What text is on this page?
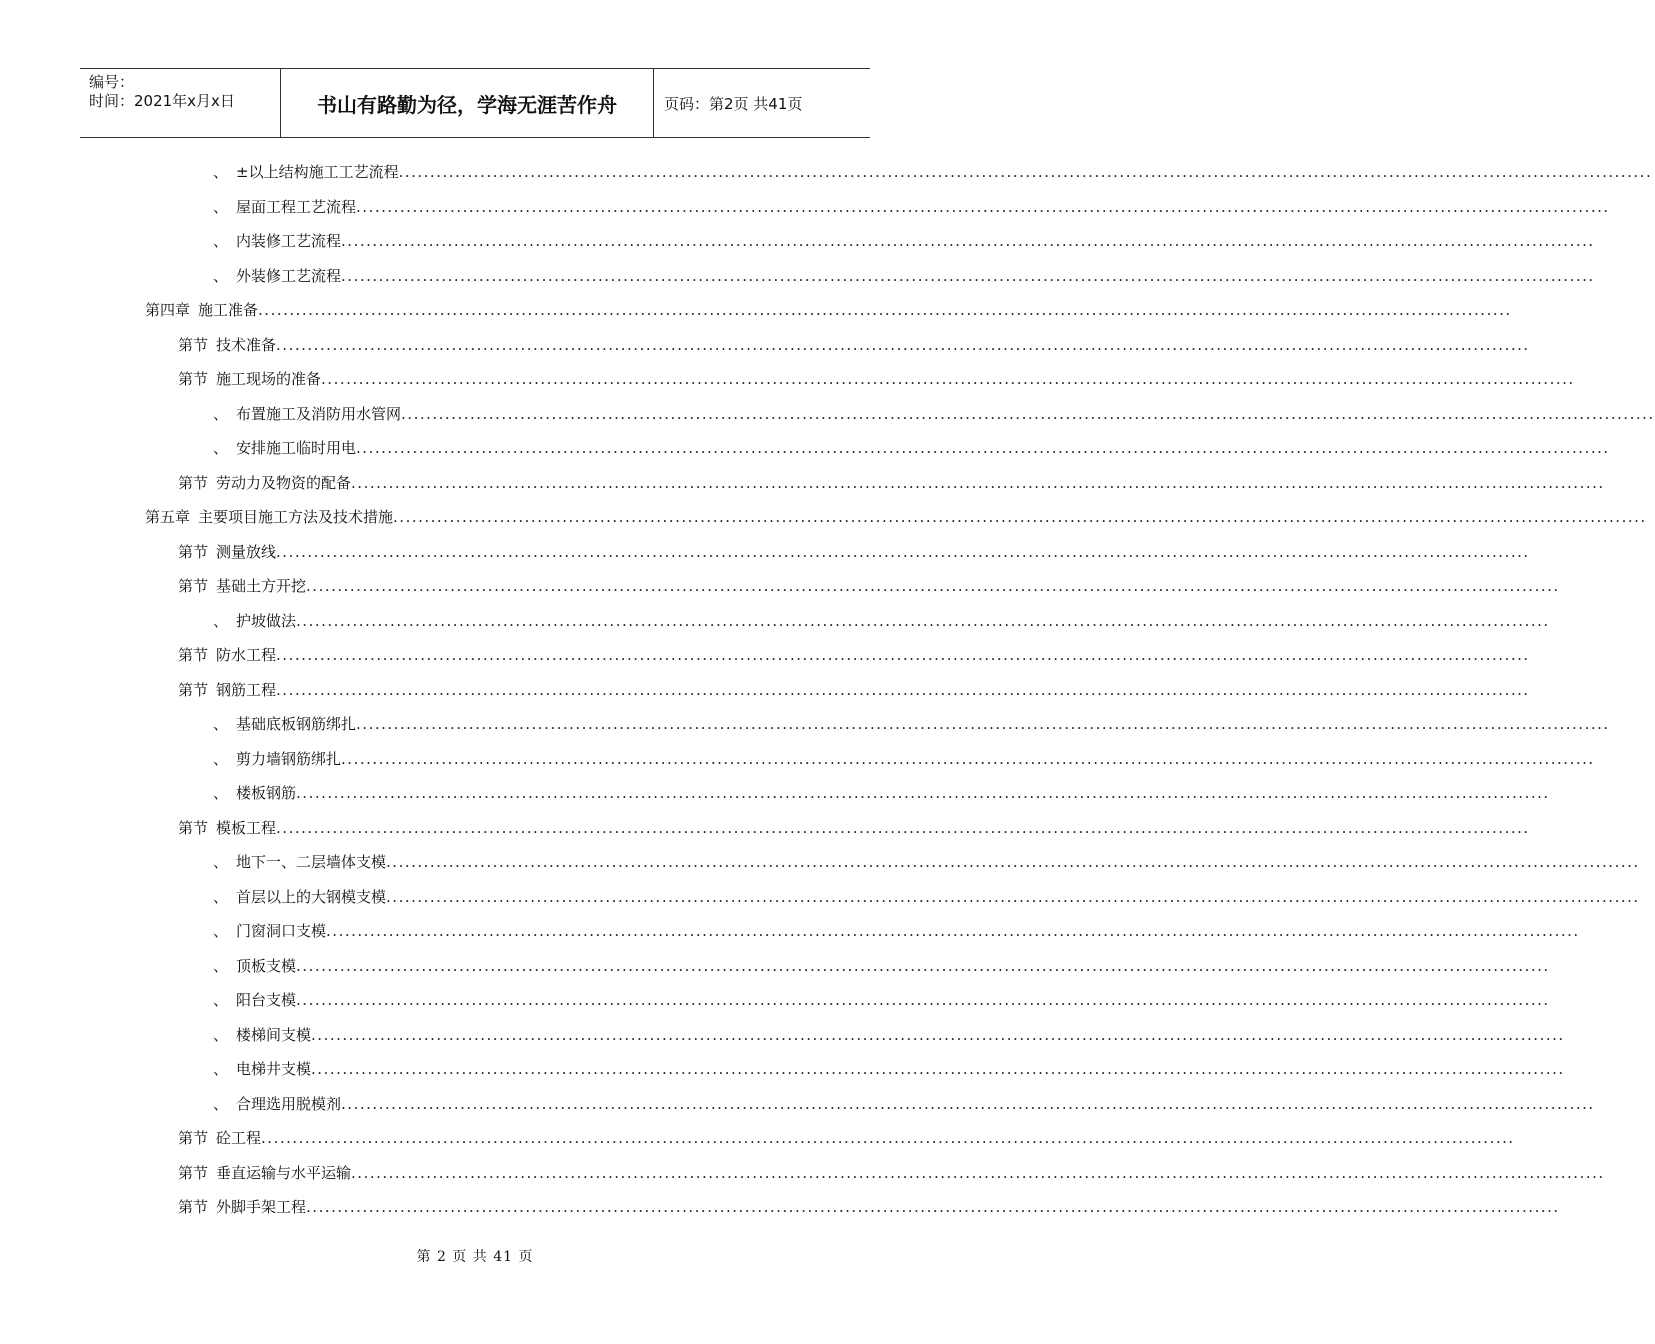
编号：
时间：2021年x月x日	书山有路勤为径，学海无涯苦作舟	页码：第2页 共41页
、 ±以上结构施工工艺流程 ........................................................................................................................................................................................................
、 屋面工程工艺流程 ........................................................................................................................................................................................................
、 内装修工艺流程 ........................................................................................................................................................................................................
、 外装修工艺流程 ........................................................................................................................................................................................................
第四章 施工准备 ........................................................................................................................................................................................................
第节 技术准备 ........................................................................................................................................................................................................
第节 施工现场的准备 ........................................................................................................................................................................................................
、 布置施工及消防用水管网 ........................................................................................................................................................................................................
、 安排施工临时用电 ........................................................................................................................................................................................................
第节 劳动力及物资的配备 ........................................................................................................................................................................................................
第五章 主要项目施工方法及技术措施 ........................................................................................................................................................................................................
第节 测量放线 ........................................................................................................................................................................................................
第节 基础土方开挖 ........................................................................................................................................................................................................
、 护坡做法 ........................................................................................................................................................................................................
第节 防水工程 ........................................................................................................................................................................................................
第节 钢筋工程 ........................................................................................................................................................................................................
、 基础底板钢筋绑扎 ........................................................................................................................................................................................................
、 剪力墙钢筋绑扎 ........................................................................................................................................................................................................
、 楼板钢筋 ........................................................................................................................................................................................................
第节 模板工程 ........................................................................................................................................................................................................
、 地下一、二层墙体支模 ........................................................................................................................................................................................................
、 首层以上的大钢模支模 ........................................................................................................................................................................................................
、 门窗洞口支模 ........................................................................................................................................................................................................
、 顶板支模 ........................................................................................................................................................................................................
、 阳台支模 ........................................................................................................................................................................................................
、 楼梯间支模 ........................................................................................................................................................................................................
、 电梯井支模 ........................................................................................................................................................................................................
、 合理选用脱模剂 ........................................................................................................................................................................................................
第节 砼工程 ........................................................................................................................................................................................................
第节 垂直运输与水平运输 ........................................................................................................................................................................................................
第节 外脚手架工程 ........................................................................................................................................................................................................
第 2 页 共 41 页
